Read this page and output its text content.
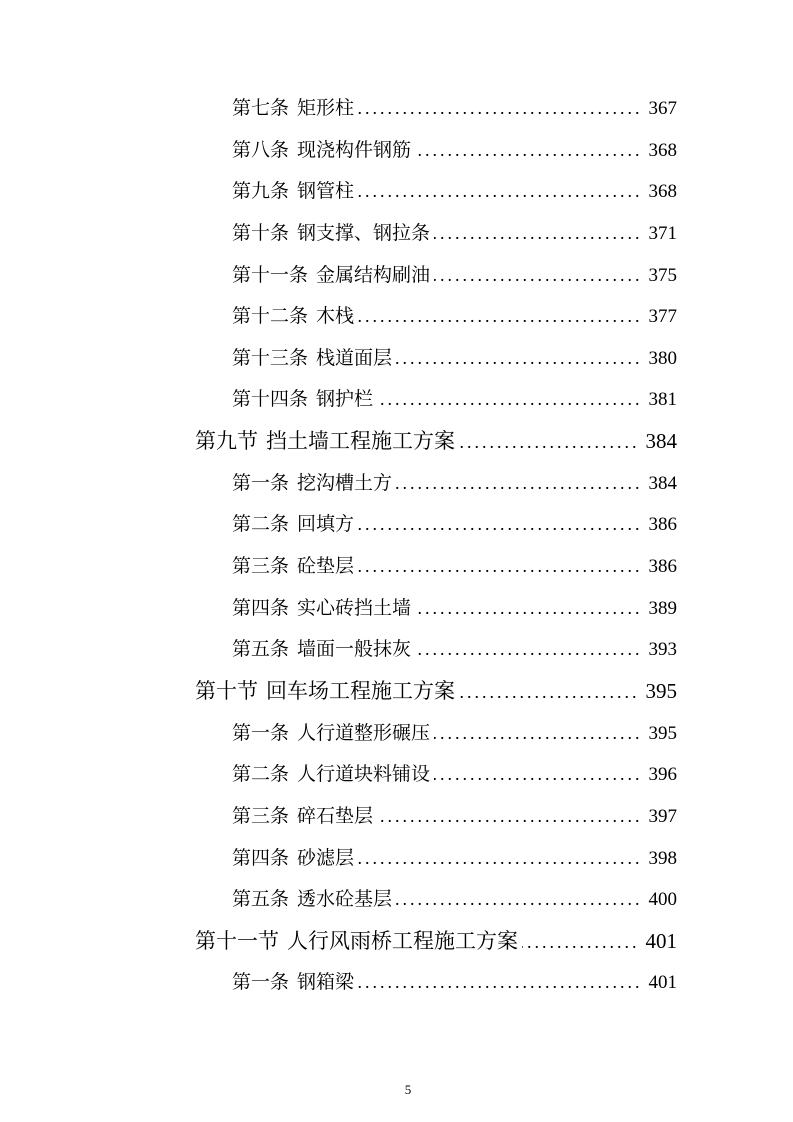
第七条 矩形柱 .....	367
第八条 现浇构件钢筋 .....	368
第九条 钢管柱 .....	368
第十条 钢支撑、钢拉条 .....	371
第十一条 金属结构刷油 .....	375
第十二条 木栈 .....	377
第十三条 栈道面层 .....	380
第十四条 钢护栏 .....	381
第九节 挡土墙工程施工方案 .....	384
第一条 挖沟槽土方 .....	384
第二条 回填方 .....	386
第三条 砼垫层 .....	386
第四条 实心砖挡土墙 .....	389
第五条 墙面一般抹灰 .....	393
第十节 回车场工程施工方案 .....	395
第一条 人行道整形碾压 .....	395
第二条 人行道块料铺设 .....	396
第三条 碎石垫层 .....	397
第四条 砂滤层 .....	398
第五条 透水砼基层 .....	400
第十一节 人行风雨桥工程施工方案 .....	401
第一条 钢箱梁 .....	401
5
